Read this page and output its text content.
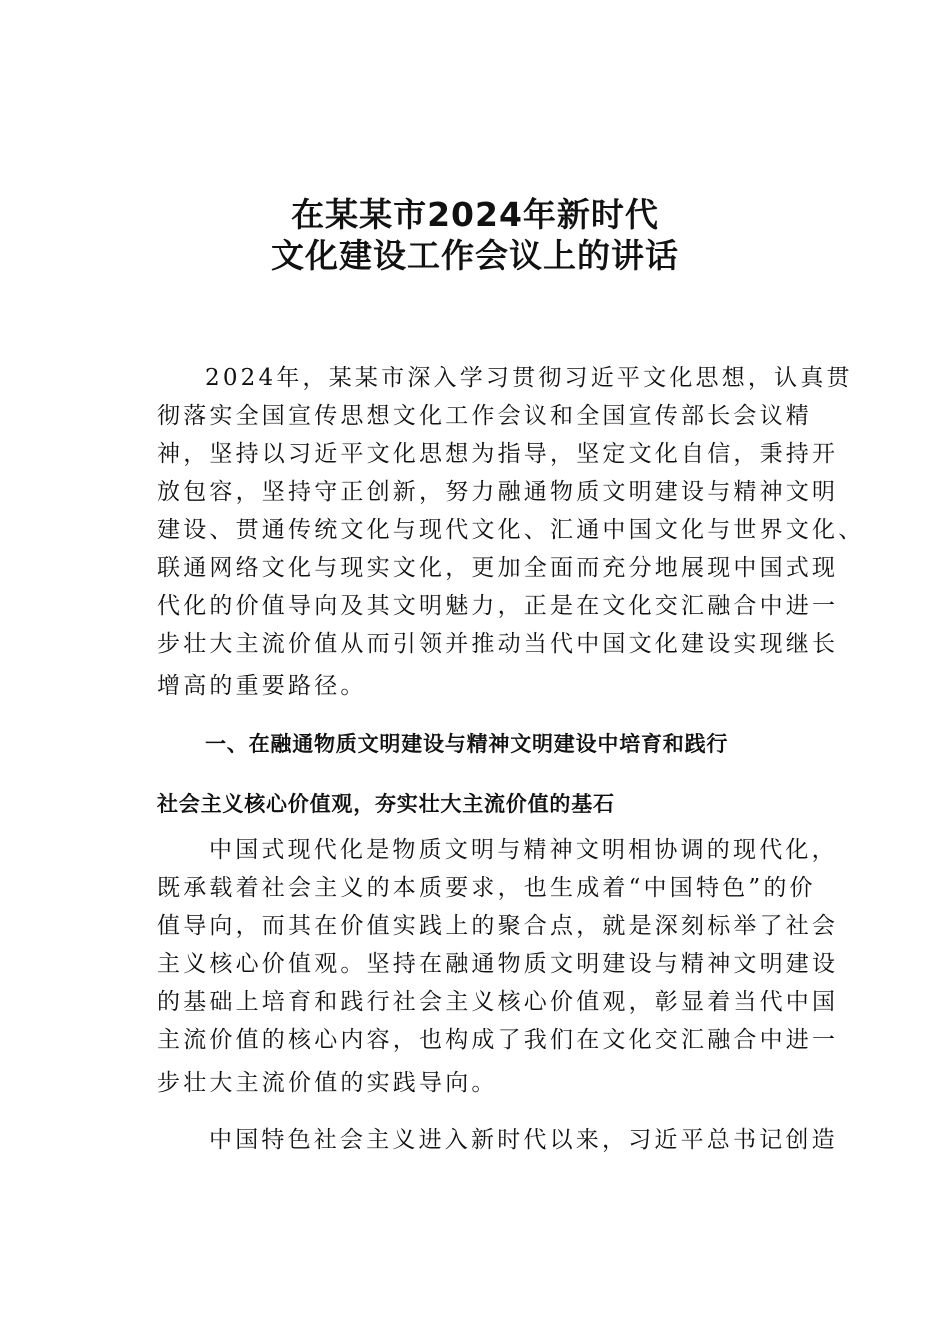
在某某市2024年新时代
文化建设工作会议上的讲话
2024年，某某市深入学习贯彻习近平文化思想，认真贯
彻落实全国宣传思想文化工作会议和全国宣传部长会议精
神，坚持以习近平文化思想为指导，坚定文化自信，秉持开
放包容，坚持守正创新，努力融通物质文明建设与精神文明
建设、贯通传统文化与现代文化、汇通中国文化与世界文化、
联通网络文化与现实文化，更加全面而充分地展现中国式现
代化的价值导向及其文明魅力，正是在文化交汇融合中进一
步壮大主流价值从而引领并推动当代中国文化建设实现继长
增高的重要路径。
一、在融通物质文明建设与精神文明建设中培育和践行
社会主义核心价值观，夯实壮大主流价值的基石
中国式现代化是物质文明与精神文明相协调的现代化，
既承载着社会主义的本质要求，也生成着“中国特色”的价
值导向，而其在价值实践上的聚合点，就是深刻标举了社会
主义核心价值观。坚持在融通物质文明建设与精神文明建设
的基础上培育和践行社会主义核心价值观，彰显着当代中国
主流价值的核心内容，也构成了我们在文化交汇融合中进一
步壮大主流价值的实践导向。
中国特色社会主义进入新时代以来，习近平总书记创造
